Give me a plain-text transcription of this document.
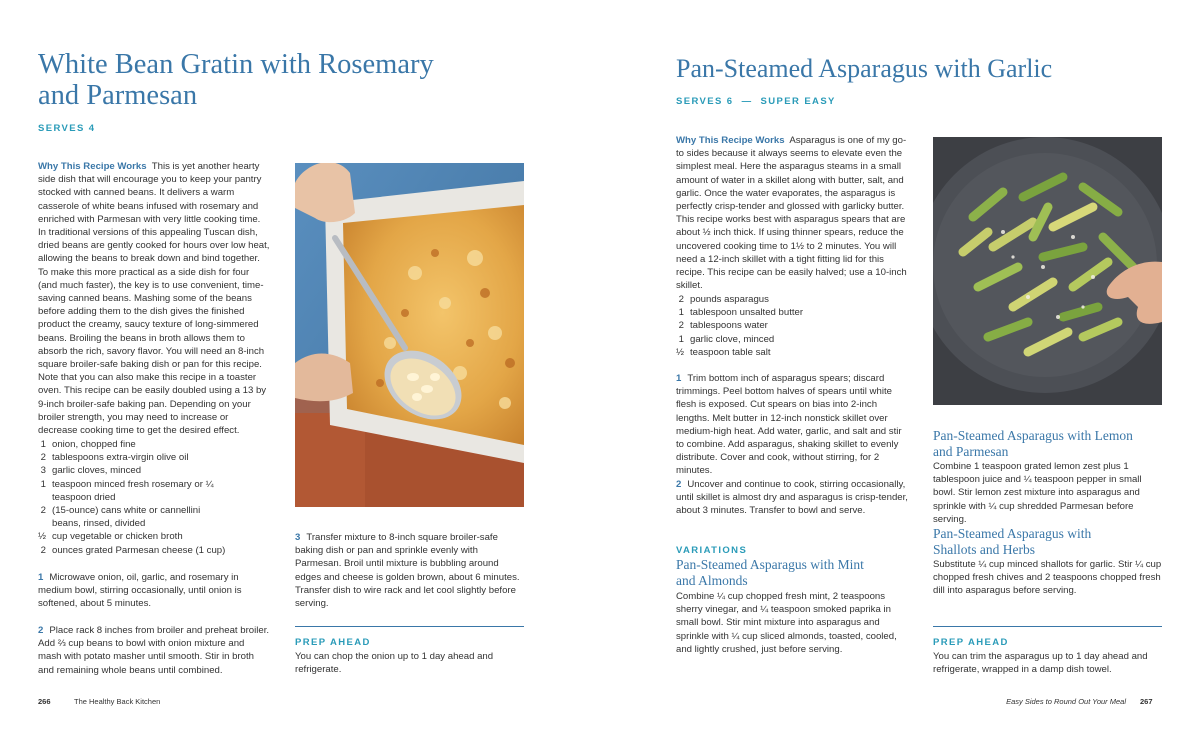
White Bean Gratin with Rosemary and Parmesan
SERVES 4
Why This Recipe Works This is yet another hearty side dish that will encourage you to keep your pantry stocked with canned beans. It delivers a warm casserole of white beans infused with rosemary and enriched with Parmesan with very little cooking time. In traditional versions of this appealing Tuscan dish, dried beans are gently cooked for hours over low heat, allowing the beans to break down and bind together. To make this more practical as a side dish for four (and much faster), the key is to use convenient, time-saving canned beans. Mashing some of the beans before adding them to the dish gives the finished product the creamy, saucy texture of long-simmered beans. Broiling the beans in broth allows them to absorb the rich, savory flavor. You will need an 8-inch square broiler-safe baking dish or pan for this recipe. Note that you can also make this recipe in a toaster oven. This recipe can be easily doubled using a 13 by 9-inch broiler-safe baking pan. Depending on your broiler strength, you may need to increase or decrease cooking time to get the desired effect.
1 onion, chopped fine
2 tablespoons extra-virgin olive oil
3 garlic cloves, minced
1 teaspoon minced fresh rosemary or ¼ teaspoon dried
2 (15-ounce) cans white or cannellini beans, rinsed, divided
½ cup vegetable or chicken broth
2 ounces grated Parmesan cheese (1 cup)
1 Microwave onion, oil, garlic, and rosemary in medium bowl, stirring occasionally, until onion is softened, about 5 minutes.
2 Place rack 8 inches from broiler and preheat broiler. Add ⅔ cup beans to bowl with onion mixture and mash with potato masher until smooth. Stir in broth and remaining whole beans until combined.
3 Transfer mixture to 8-inch square broiler-safe baking dish or pan and sprinkle evenly with Parmesan. Broil until mixture is bubbling around edges and cheese is golden brown, about 6 minutes. Transfer dish to wire rack and let cool slightly before serving.
PREP AHEAD
You can chop the onion up to 1 day ahead and refrigerate.
266	The Healthy Back Kitchen
Pan-Steamed Asparagus with Garlic
SERVES 6  —  SUPER EASY
Why This Recipe Works Asparagus is one of my go-to sides because it always seems to elevate even the simplest meal. Here the asparagus steams in a small amount of water in a skillet along with butter, salt, and garlic. Once the water evaporates, the asparagus is perfectly crisp-tender and glossed with garlicky butter. This recipe works best with asparagus spears that are about ½ inch thick. If using thinner spears, reduce the uncovered cooking time to 1½ to 2 minutes. You will need a 12-inch skillet with a tight fitting lid for this recipe. This recipe can be easily halved; use a 10-inch skillet.
2 pounds asparagus
1 tablespoon unsalted butter
2 tablespoons water
1 garlic clove, minced
½ teaspoon table salt
1 Trim bottom inch of asparagus spears; discard trimmings. Peel bottom halves of spears until white flesh is exposed. Cut spears on bias into 2-inch lengths. Melt butter in 12-inch nonstick skillet over medium-high heat. Add water, garlic, and salt and stir to combine. Add asparagus, shaking skillet to evenly distribute. Cover and cook, without stirring, for 2 minutes.
2 Uncover and continue to cook, stirring occasionally, until skillet is almost dry and asparagus is crisp-tender, about 3 minutes. Transfer to bowl and serve.
VARIATIONS
Pan-Steamed Asparagus with Mint and Almonds
Combine ¼ cup chopped fresh mint, 2 teaspoons sherry vinegar, and ¼ teaspoon smoked paprika in small bowl. Stir mint mixture into asparagus and sprinkle with ¼ cup sliced almonds, toasted, cooled, and lightly crushed, just before serving.
Pan-Steamed Asparagus with Lemon and Parmesan
Combine 1 teaspoon grated lemon zest plus 1 tablespoon juice and ¼ teaspoon pepper in small bowl. Stir lemon zest mixture into asparagus and sprinkle with ¼ cup shredded Parmesan before serving.
Pan-Steamed Asparagus with Shallots and Herbs
Substitute ¼ cup minced shallots for garlic. Stir ¼ cup chopped fresh chives and 2 teaspoons chopped fresh dill into asparagus before serving.
PREP AHEAD
You can trim the asparagus up to 1 day ahead and refrigerate, wrapped in a damp dish towel.
Easy Sides to Round Out Your Meal 267
